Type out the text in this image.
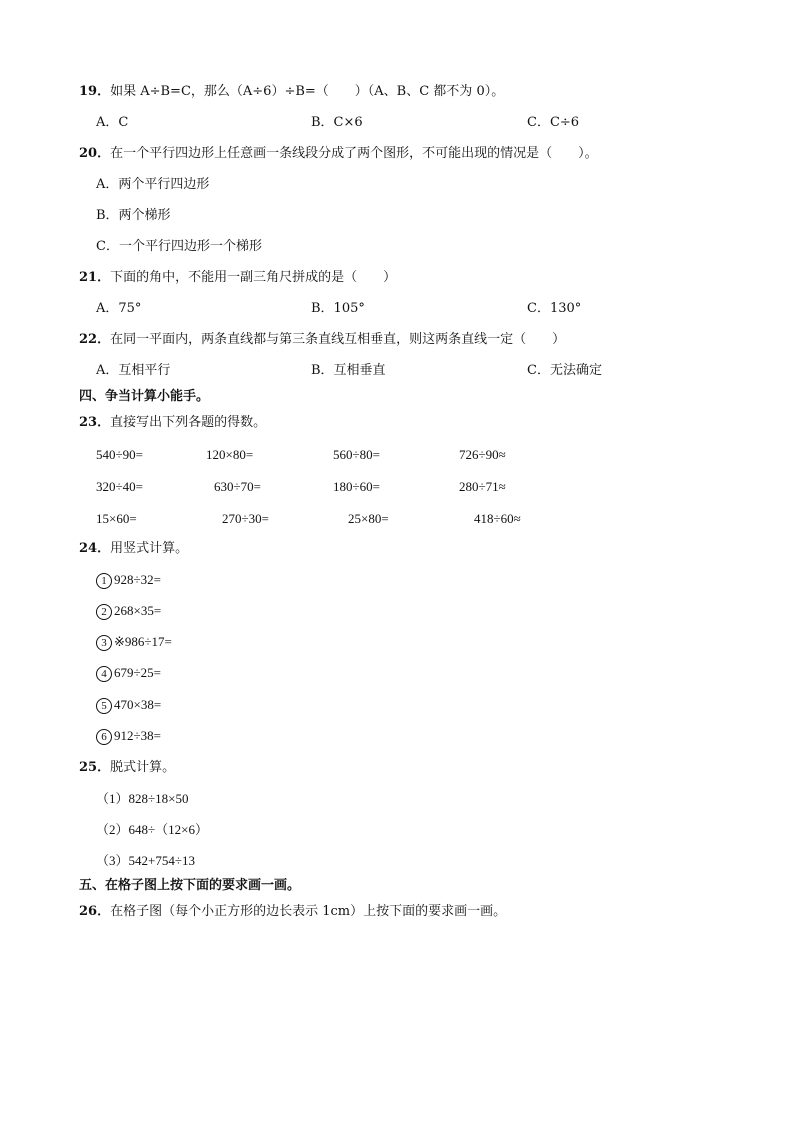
19．如果 A÷B=C，那么（A÷6）÷B=（　　）（A、B、C 都不为 0）。
A．C	B．C×6	C．C÷6
20．在一个平行四边形上任意画一条线段分成了两个图形，不可能出现的情况是（　　）。
A．两个平行四边形
B．两个梯形
C．一个平行四边形一个梯形
21．下面的角中，不能用一副三角尺拼成的是（　　）
A．75°	B．105°	C．130°
22．在同一平面内，两条直线都与第三条直线互相垂直，则这两条直线一定（　　）
A．互相平行	B．互相垂直	C．无法确定
四、争当计算小能手。
23．直接写出下列各题的得数。
540÷90=	120×80=	560÷80=	726÷90≈
320÷40=	630÷70=	180÷60=	280÷71≈
15×60=	270÷30=	25×80=	418÷60≈
24．用竖式计算。
1 928÷32=
2 268×35=
3 ※986÷17=
4 679÷25=
5 470×38=
6 912÷38=
25．脱式计算。
（1）828÷18×50
（2）648÷（12×6）
（3）542+754÷13
五、在格子图上按下面的要求画一画。
26．在格子图（每个小正方形的边长表示 1cm）上按下面的要求画一画。
